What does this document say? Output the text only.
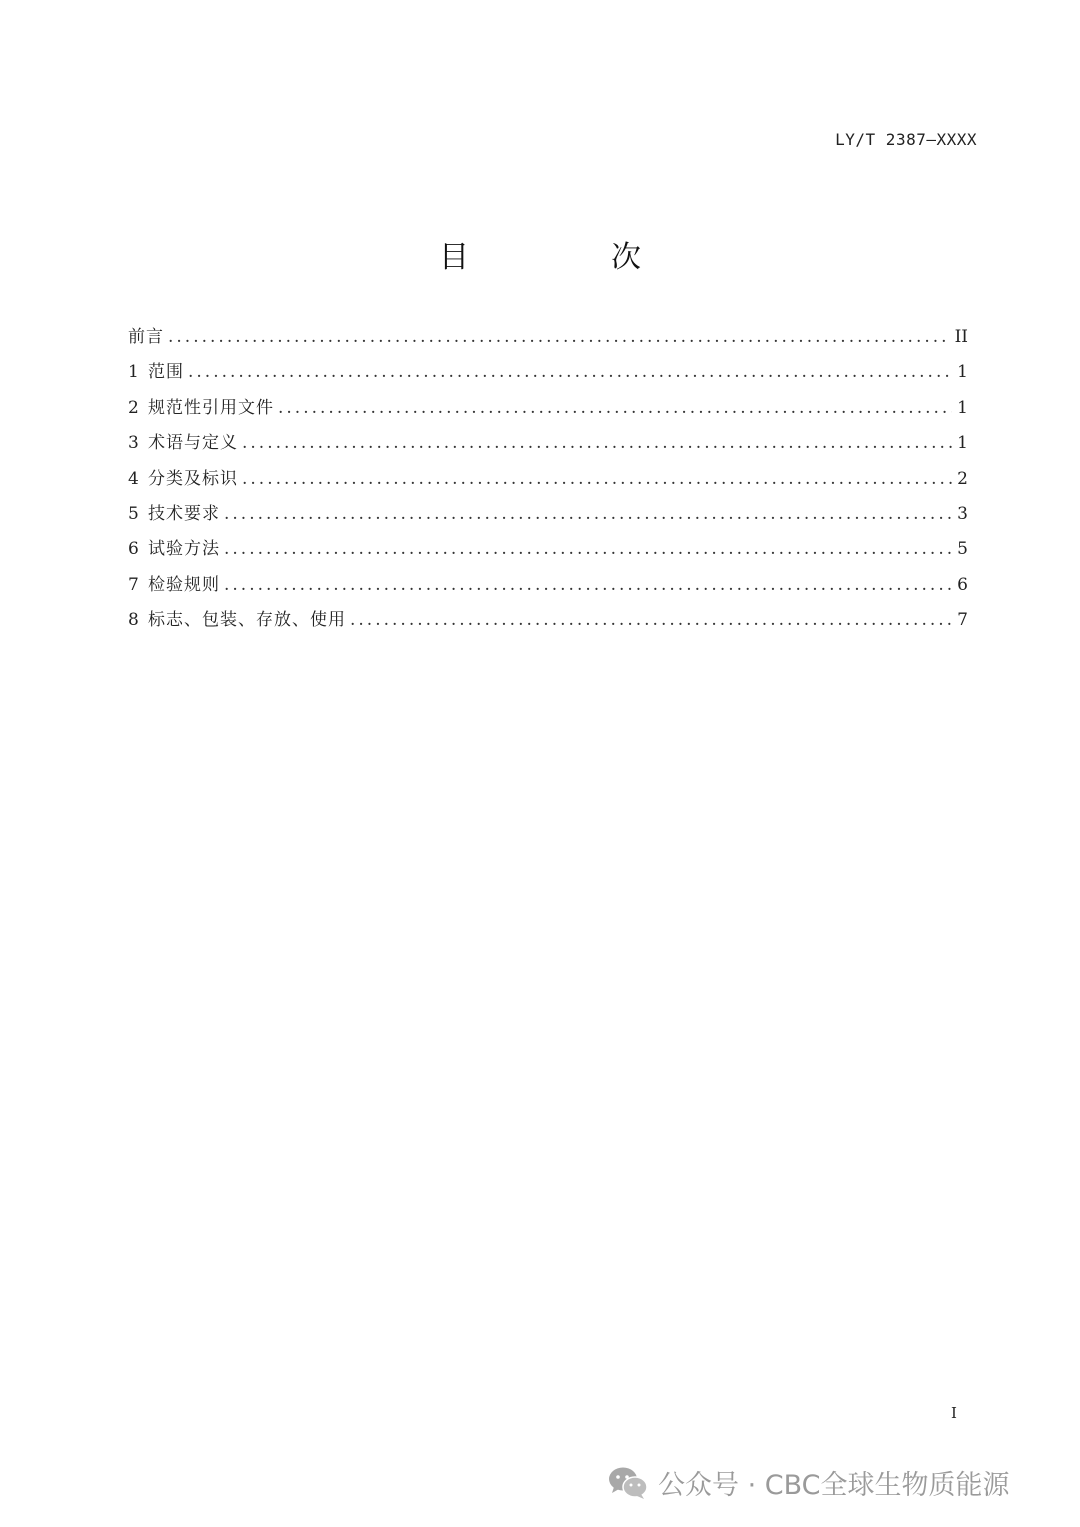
LY/T 2387—XXXX
目　次
前言 .....	II
1 范围 .....	1
2 规范性引用文件 .....	1
3 术语与定义 .....	1
4 分类及标识 .....	2
5 技术要求 .....	3
6 试验方法 .....	5
7 检验规则 .....	6
8 标志、包装、存放、使用 .....	7
I
公众号 · CBC全球生物质能源
